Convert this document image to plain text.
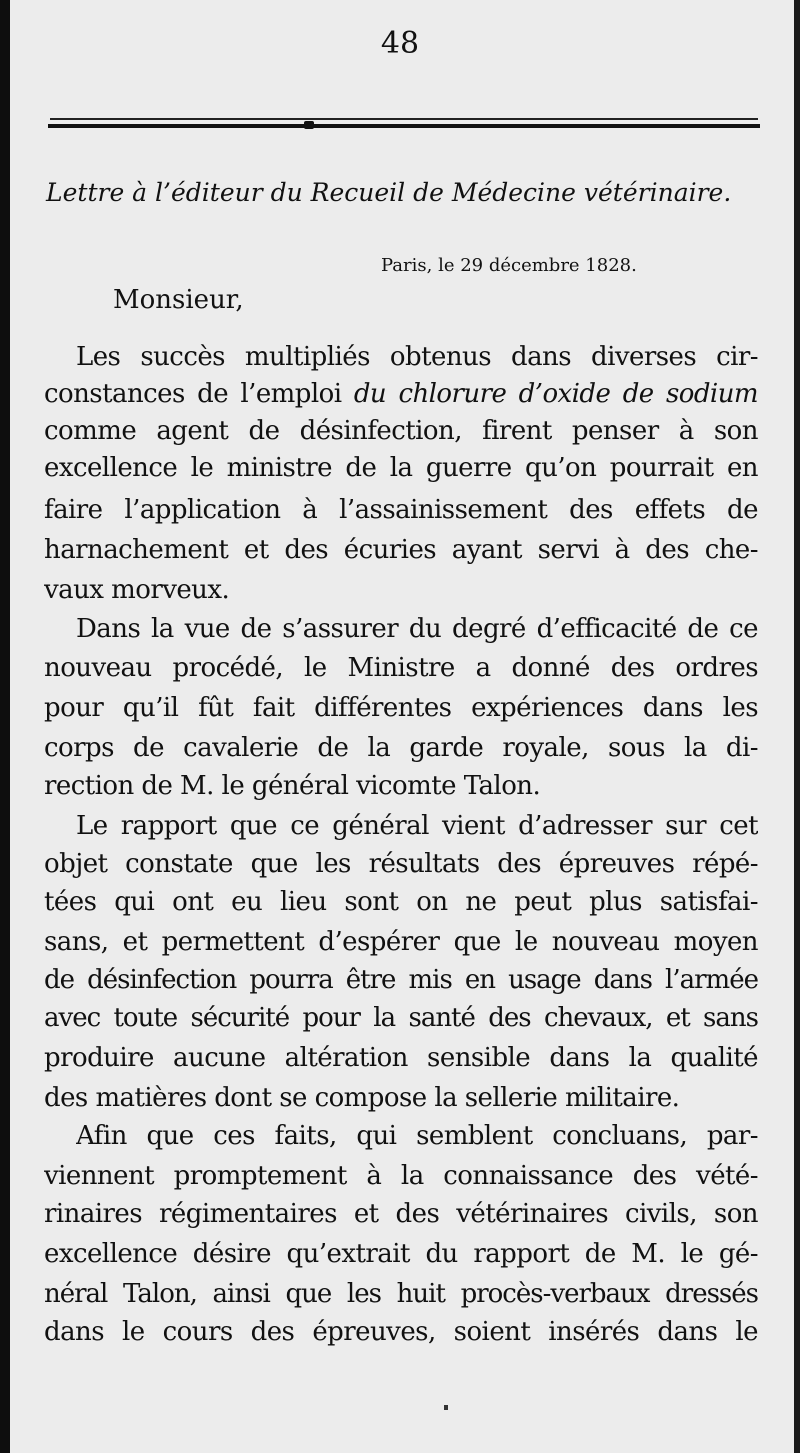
48
Lettre à l’éditeur du Recueil de Médecine vétérinaire.
Paris, le 29 décembre 1828.
Monsieur,
Les succès multipliés obtenus dans diverses cir-
constances de l’emploi du chlorure d’oxide de sodium
comme agent de désinfection, firent penser à son
excellence le ministre de la guerre qu’on pourrait en
faire l’application à l’assainissement des effets de
harnachement et des écuries ayant servi à des che-
vaux morveux.
Dans la vue de s’assurer du degré d’efficacité de ce
nouveau procédé, le Ministre a donné des ordres
pour qu’il fût fait différentes expériences dans les
corps de cavalerie de la garde royale, sous la di-
rection de M. le général vicomte Talon.
Le rapport que ce général vient d’adresser sur cet
objet constate que les résultats des épreuves répé-
tées qui ont eu lieu sont on ne peut plus satisfai-
sans, et permettent d’espérer que le nouveau moyen
de désinfection pourra être mis en usage dans l’armée
avec toute sécurité pour la santé des chevaux, et sans
produire aucune altération sensible dans la qualité
des matières dont se compose la sellerie militaire.
Afin que ces faits, qui semblent concluans, par-
viennent promptement à la connaissance des vété-
rinaires régimentaires et des vétérinaires civils, son
excellence désire qu’extrait du rapport de M. le gé-
néral Talon, ainsi que les huit procès-verbaux dressés
dans le cours des épreuves, soient insérés dans le
